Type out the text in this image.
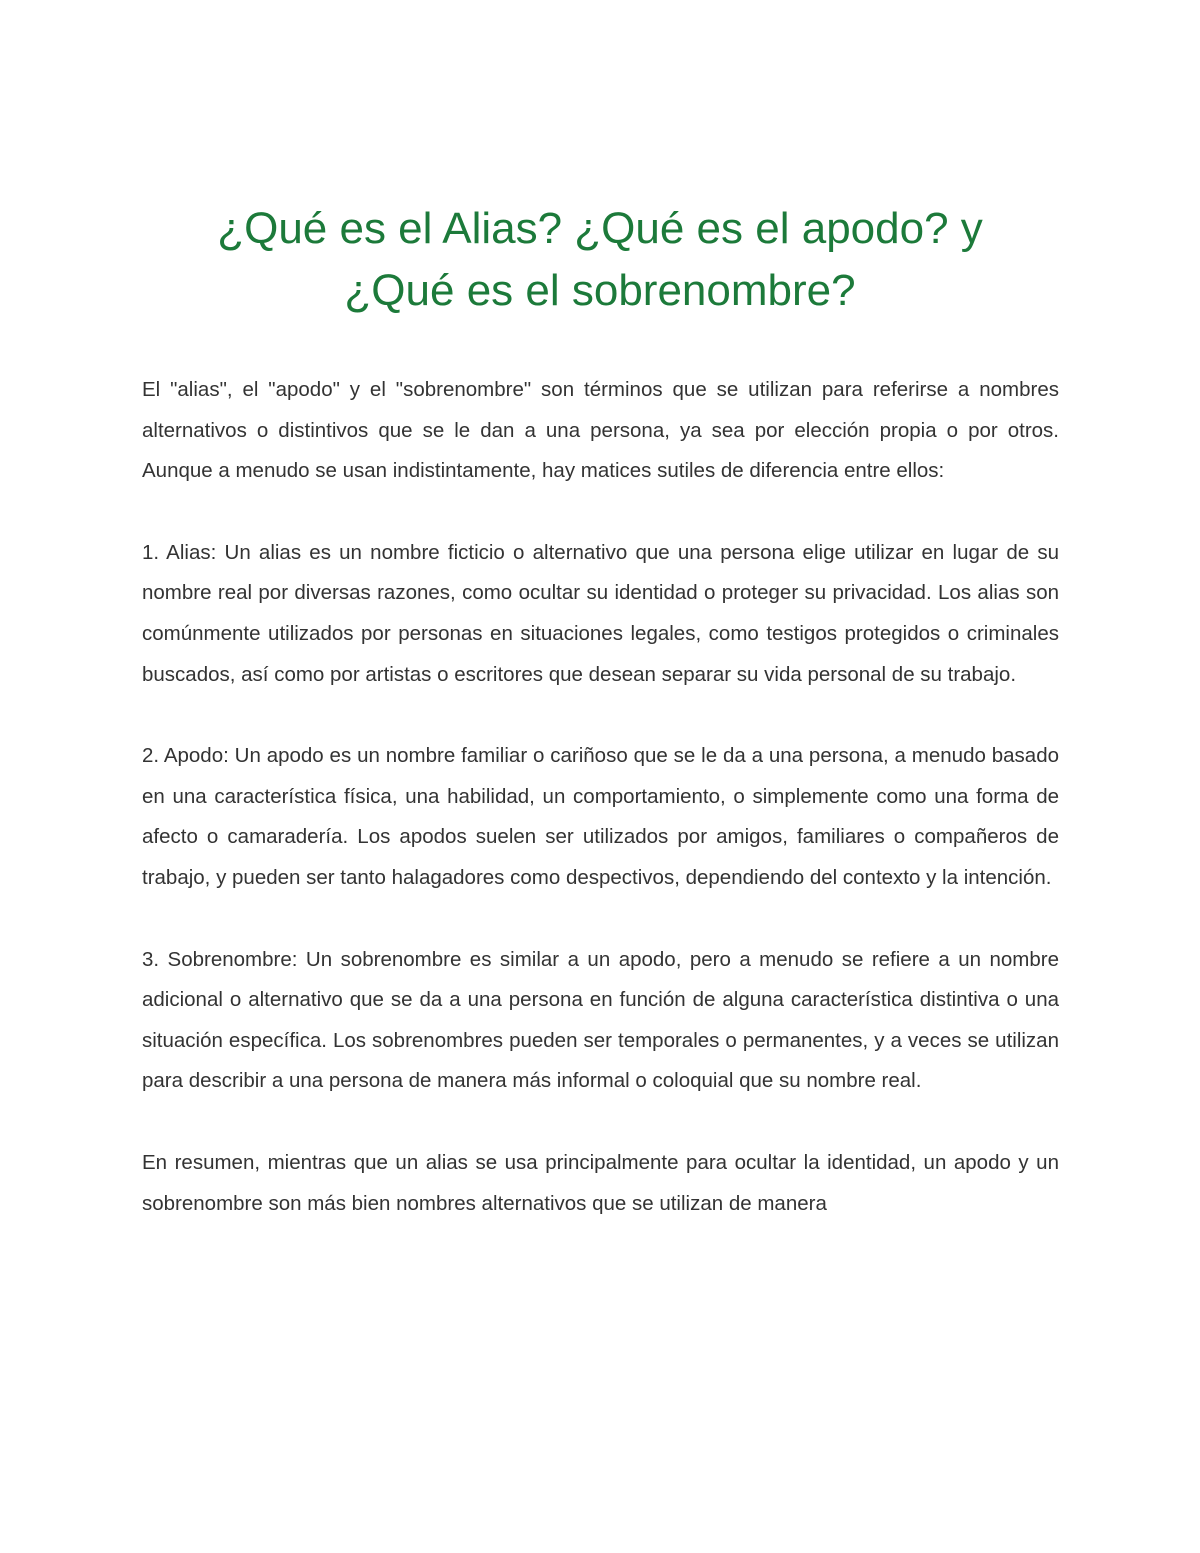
¿Qué es el Alias? ¿Qué es el apodo? y
¿Qué es el sobrenombre?

El "alias", el "apodo" y el "sobrenombre" son términos que se utilizan para referirse a nombres alternativos o distintivos que se le dan a una persona, ya sea por elección propia o por otros. Aunque a menudo se usan indistintamente, hay matices sutiles de diferencia entre ellos:

1. Alias: Un alias es un nombre ficticio o alternativo que una persona elige utilizar en lugar de su nombre real por diversas razones, como ocultar su identidad o proteger su privacidad. Los alias son comúnmente utilizados por personas en situaciones legales, como testigos protegidos o criminales buscados, así como por artistas o escritores que desean separar su vida personal de su trabajo.

2. Apodo: Un apodo es un nombre familiar o cariñoso que se le da a una persona, a menudo basado en una característica física, una habilidad, un comportamiento, o simplemente como una forma de afecto o camaradería. Los apodos suelen ser utilizados por amigos, familiares o compañeros de trabajo, y pueden ser tanto halagadores como despectivos, dependiendo del contexto y la intención.

3. Sobrenombre: Un sobrenombre es similar a un apodo, pero a menudo se refiere a un nombre adicional o alternativo que se da a una persona en función de alguna característica distintiva o una situación específica. Los sobrenombres pueden ser temporales o permanentes, y a veces se utilizan para describir a una persona de manera más informal o coloquial que su nombre real.

En resumen, mientras que un alias se usa principalmente para ocultar la identidad, un apodo y un sobrenombre son más bien nombres alternativos que se utilizan de manera
